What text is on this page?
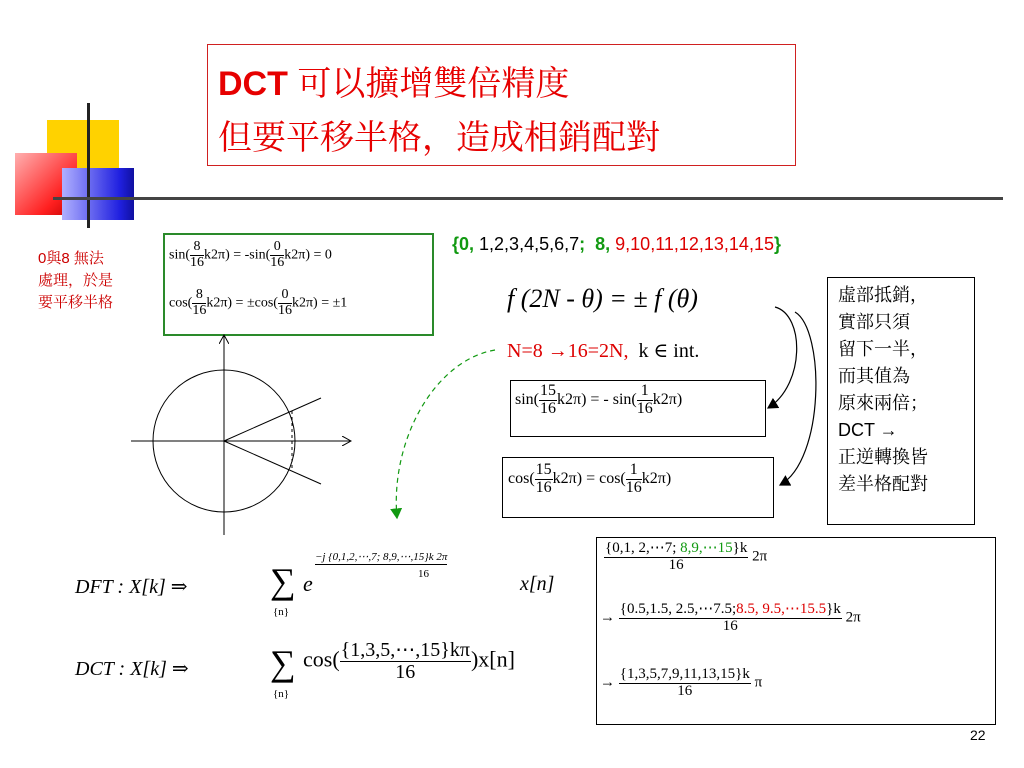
DCT 可以擴增雙倍精度
但要平移半格，造成相銷配對
0與8 無法
處理，於是
要平移半格
$\sin( \frac{8}{16} k2\pi) = -\sin( \frac{0}{16} k2\pi) = 0$
$\cos( \frac{8}{16} k2\pi) = \pm\cos( \frac{0}{16} k2\pi) = \pm 1$
{0, 1,2,3,4,5,6,7; 8, 9,10,11,12,13,14,15}
f (2N - θ) = ± f (θ)
N=8 →16=2N, k ∈ int.
$\sin( \frac{15}{16} k2\pi)$ = - $\sin( \frac{1}{16} k2\pi)$
$\cos( \frac{15}{16} k2\pi) = \cos( \frac{1}{16} k2\pi)$
虛部抵銷，
實部只須
留下一半，
而其值為
原來兩倍；
DCT →
正逆轉換皆
差半格配對
DFT : X[k] ⇒ ∑
{n}
e
−j {0,1,2,⋯,7; 8,9,⋯,15}k 2π
16	x[n]
DCT : X[k] ⇒ ∑
{n}
$\cos( \frac{\{1,3,5,\cdots,15\}k\pi}{16} )x[n]$
$\frac{\{0,1, 2,\cdots 7; 8,9,\cdots 15\}k}{16} 2\pi$
→ $\frac{\{0.5,1.5, 2.5,\cdots 7.5;8.5, 9.5,\cdots 15.5\}k}{16} 2\pi$
→ $\frac{\{1,3,5,7,9,11,13,15\}k}{16}$ π
22
